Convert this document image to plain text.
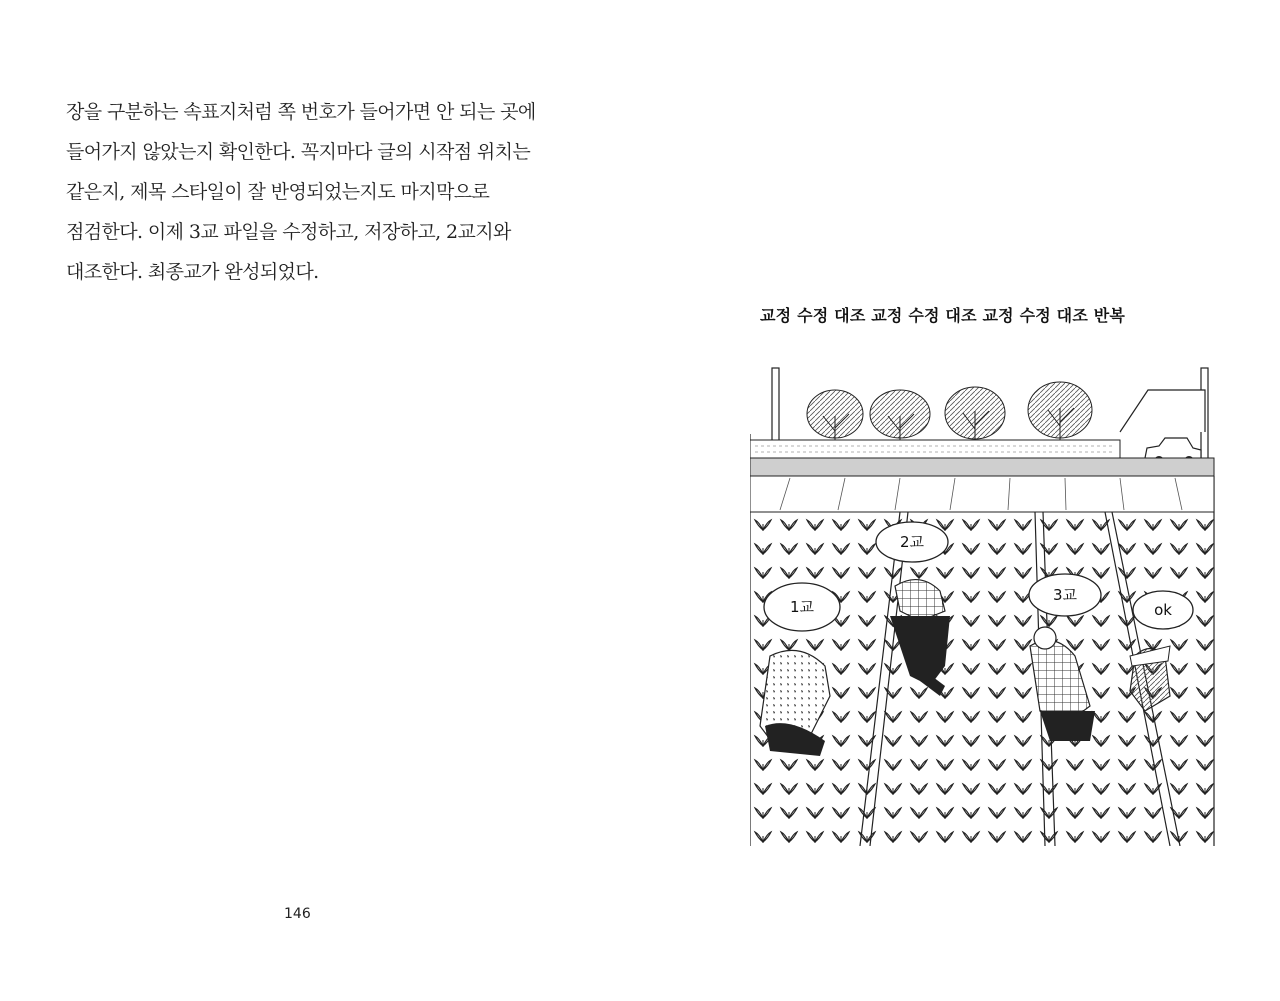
장을 구분하는 속표지처럼 쪽 번호가 들어가면 안 되는 곳에
들어가지 않았는지 확인한다. 꼭지마다 글의 시작점 위치는
같은지, 제목 스타일이 잘 반영되었는지도 마지막으로
점검한다. 이제 3교 파일을 수정하고, 저장하고, 2교지와
대조한다. 최종교가 완성되었다.
146

교정 수정 대조 교정 수정 대조 교정 수정 대조 반복

1교
2교
3교
ok
